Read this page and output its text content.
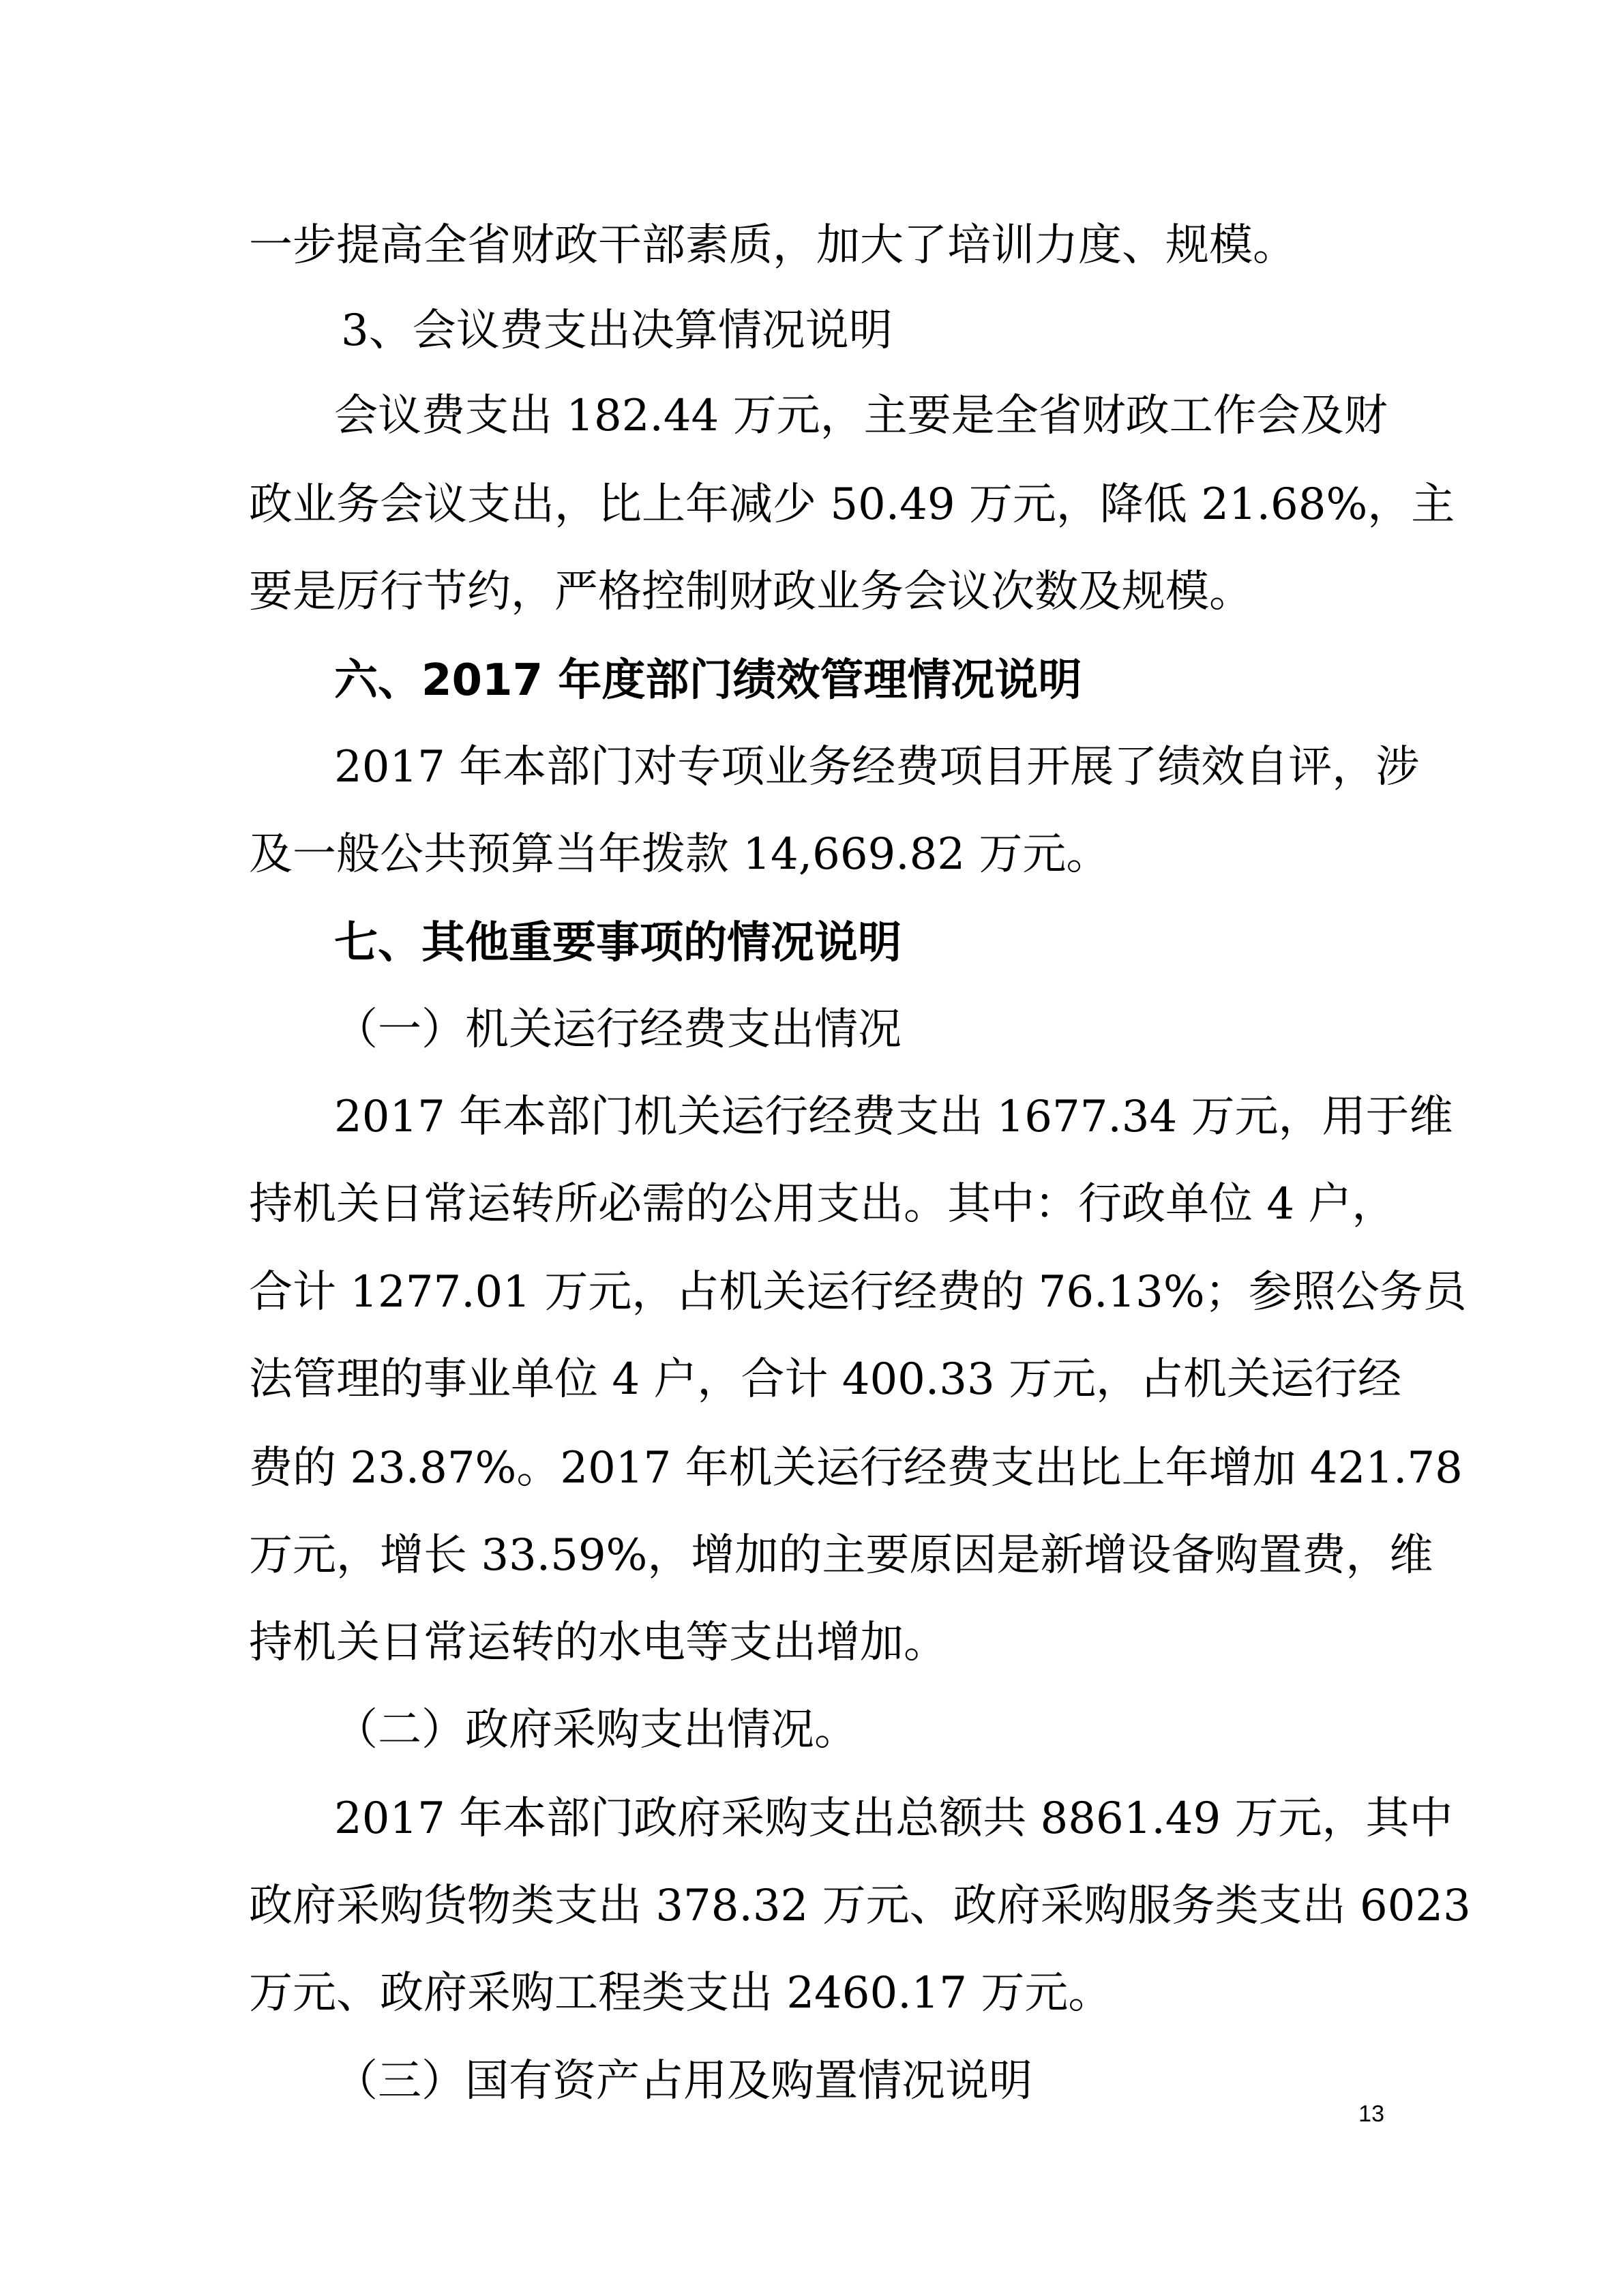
一步提高全省财政干部素质，加大了培训力度、规模。
3、会议费支出决算情况说明
会议费支出 182.44 万元，主要是全省财政工作会及财
政业务会议支出，比上年减少 50.49 万元，降低 21.68%，主
要是厉行节约，严格控制财政业务会议次数及规模。
六、2017 年度部门绩效管理情况说明
2017 年本部门对专项业务经费项目开展了绩效自评，涉
及一般公共预算当年拨款 14,669.82 万元。
七、其他重要事项的情况说明
（一）机关运行经费支出情况
2017 年本部门机关运行经费支出 1677.34 万元，用于维
持机关日常运转所必需的公用支出。其中：行政单位 4 户，
合计 1277.01 万元，占机关运行经费的 76.13%；参照公务员
法管理的事业单位 4 户，合计 400.33 万元，占机关运行经
费的 23.87%。2017 年机关运行经费支出比上年增加 421.78
万元，增长 33.59%，增加的主要原因是新增设备购置费，维
持机关日常运转的水电等支出增加。
（二）政府采购支出情况。
2017 年本部门政府采购支出总额共 8861.49 万元，其中
政府采购货物类支出 378.32 万元、政府采购服务类支出 6023
万元、政府采购工程类支出 2460.17 万元。
（三）国有资产占用及购置情况说明
13
